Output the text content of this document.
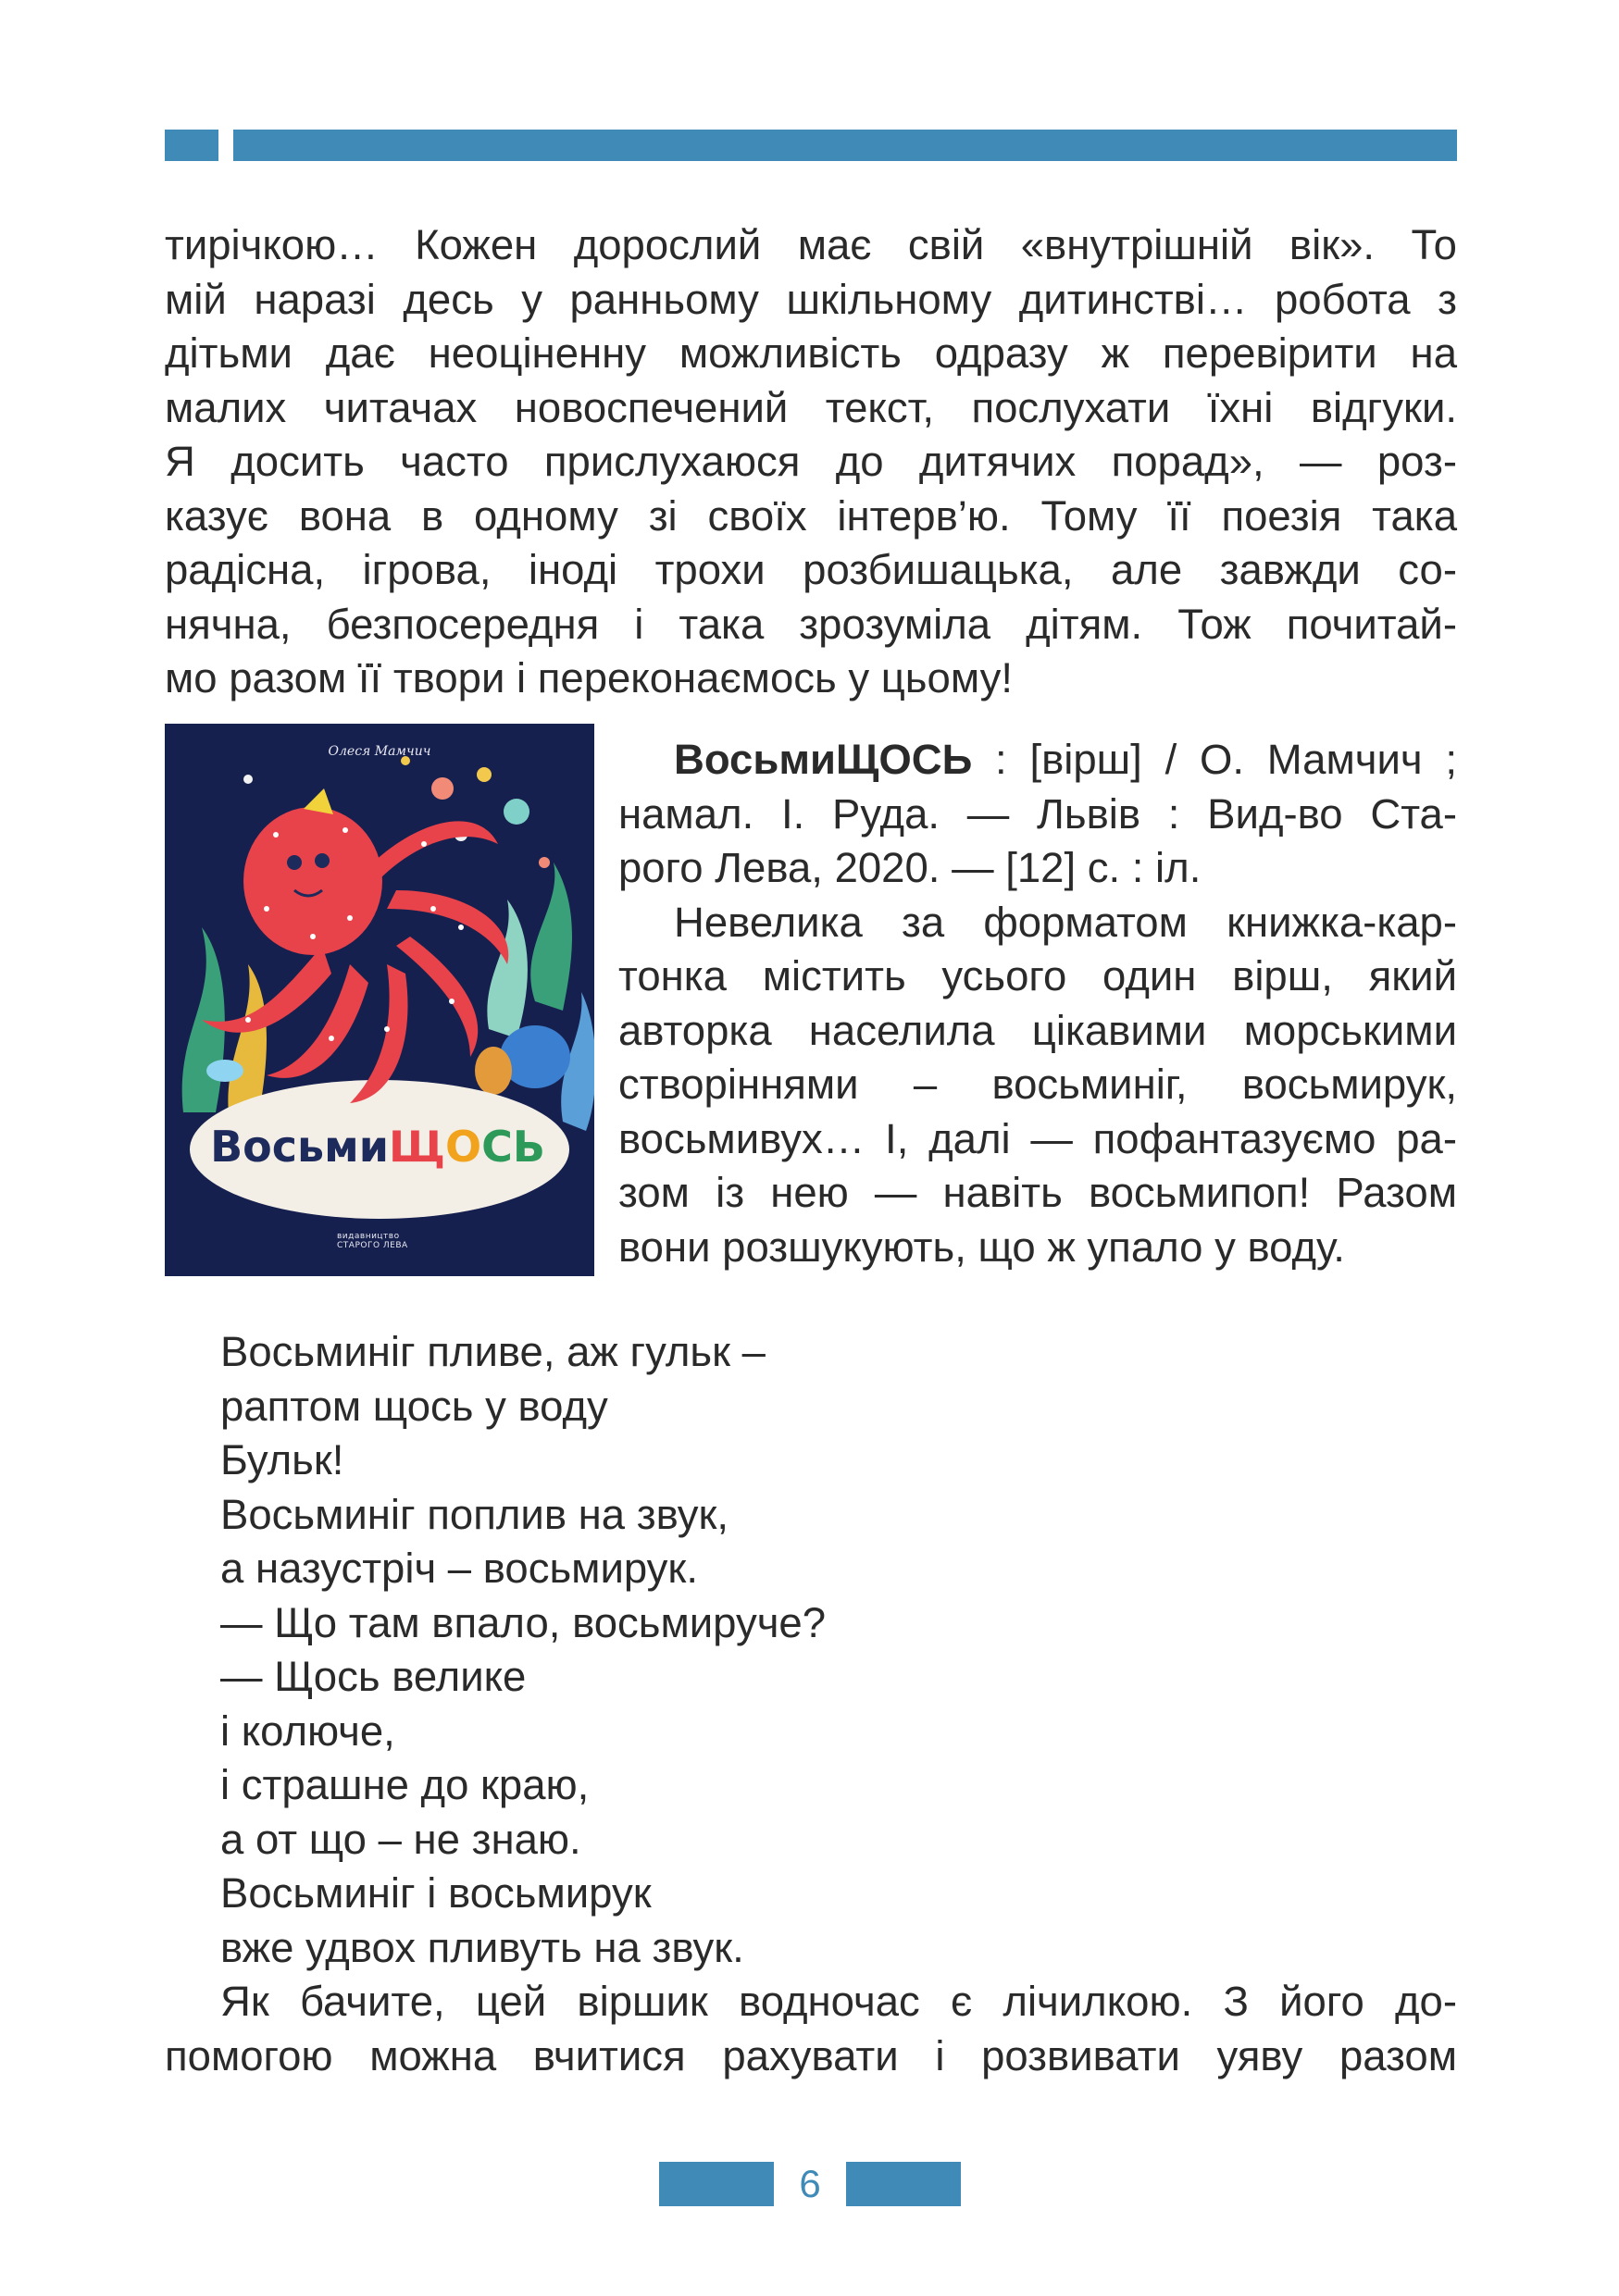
тирічкою… Кожен дорослий має свій «внутрішній вік». То
мій наразі десь у ранньому шкільному дитинстві… робота з
дітьми дає неоціненну можливість одразу ж перевірити на
малих читачах новоспечений текст, послухати їхні відгуки.
Я досить часто прислухаюся до дитячих порад», — роз-
казує вона в одному зі своїх інтерв’ю. Тому її поезія така
радісна, ігрова, іноді трохи розбишацька, але завжди со-
нячна, безпосередня і така зрозуміла дітям. Тож почитай-
мо разом її твори і переконаємось у цьому!
Олеся Мамчич
ВосьмиЩОСЬ
видавництво
СТАРОГО ЛЕВА
ВосьмиЩОСЬ : [вірш] / О. Мамчич ;
намал. І. Руда. — Львів : Вид-во Ста-
рого Лева, 2020. — [12] с. : іл.
Невелика за форматом книжка-кар-
тонка містить усього один вірш, який
авторка населила цікавими морськими
створіннями – восьминіг, восьмирук,
восьмивух… І, далі — пофантазуємо ра-
зом із нею — навіть восьмипоп! Разом
вони розшукують, що ж упало у воду.
Восьминіг пливе, аж гульк –
раптом щось у воду
Бульк!
Восьминіг поплив на звук,
а назустріч – восьмирук.
— Що там впало, восьмируче?
— Щось велике
і колюче,
і страшне до краю,
а от що – не знаю.
Восьминіг і восьмирук
вже удвох пливуть на звук.
Як бачите, цей віршик водночас є лічилкою. З його до-
помогою можна вчитися рахувати і розвивати уяву разом
6
